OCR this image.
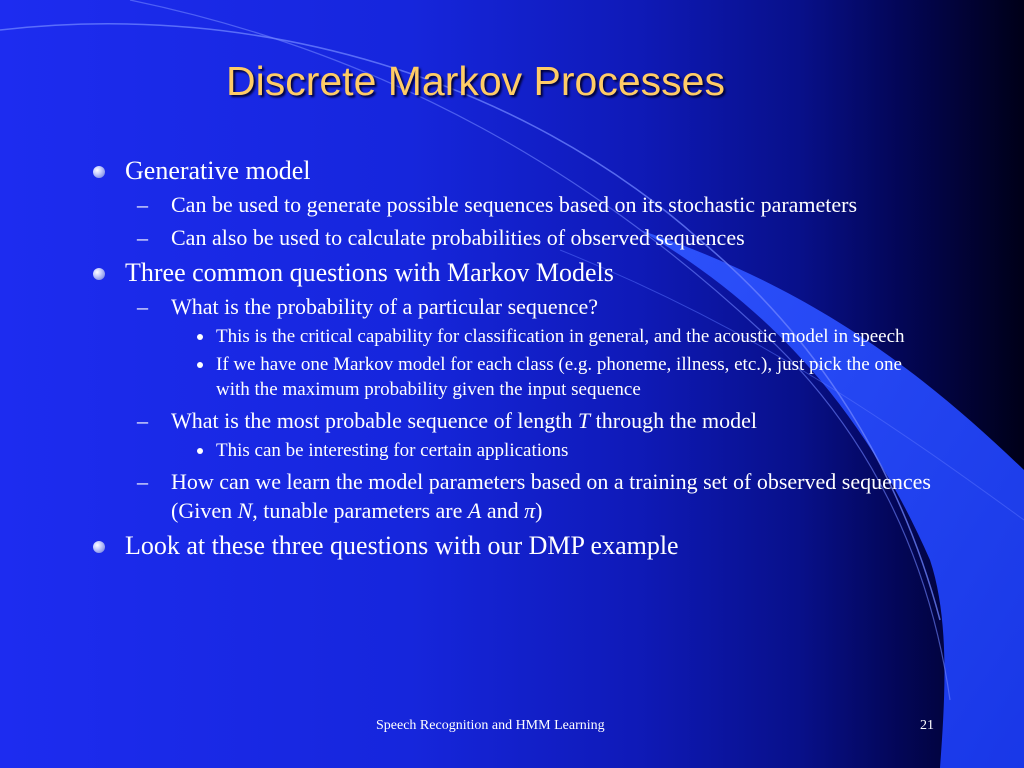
Discrete Markov Processes
Generative model
–	Can be used to generate possible sequences based on its stochastic parameters
–	Can also be used to calculate probabilities of observed sequences
Three common questions with Markov Models
–	What is the probability of a particular sequence?
This is the critical capability for classification in general, and the acoustic model in speech
If we have one Markov model for each class (e.g. phoneme, illness, etc.), just pick the one with the maximum probability given the input sequence
–	What is the most probable sequence of length T through the model
This can be interesting for certain applications
–	How can we learn the model parameters based on a training set of observed sequences (Given N, tunable parameters are A and π)
Look at these three questions with our DMP example
Speech Recognition and HMM Learning	21
